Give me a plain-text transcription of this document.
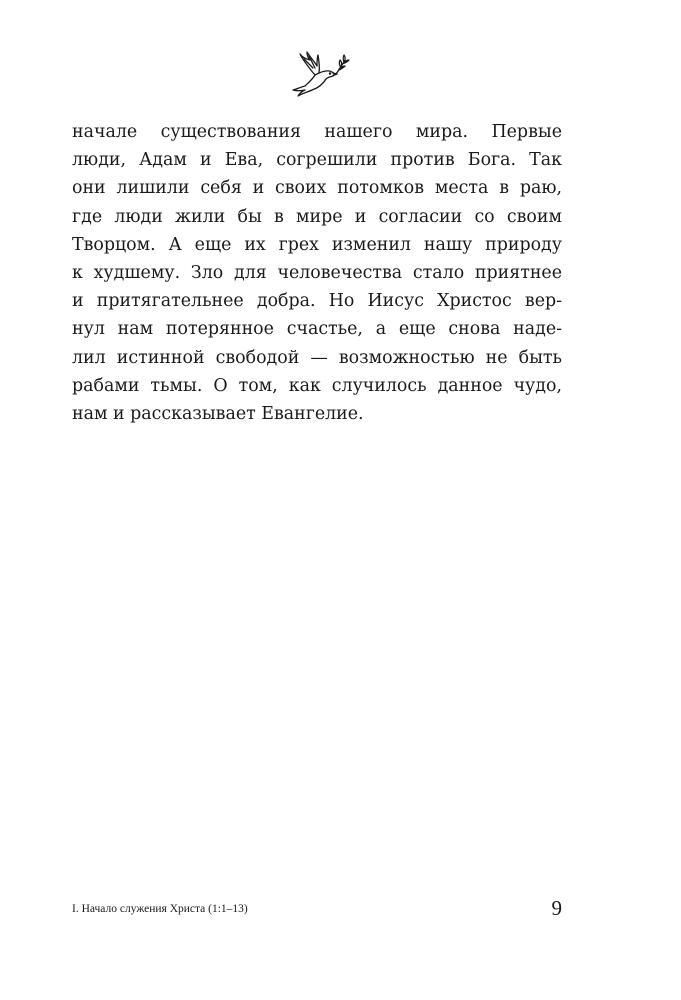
начале существования нашего мира. Первые
люди, Адам и Ева, согрешили против Бога. Так
они лишили себя и своих потомков места в раю,
где люди жили бы в мире и согласии со своим
Творцом. А еще их грех изменил нашу природу
к худшему. Зло для человечества стало приятнее
и притягательнее добра. Но Иисус Христос вер-
нул нам потерянное счастье, а еще снова наде-
лил истинной свободой — возможностью не быть
рабами тьмы. О том, как случилось данное чудо,
нам и рассказывает Евангелие.
I. Начало служения Христа (1:1–13)	9
